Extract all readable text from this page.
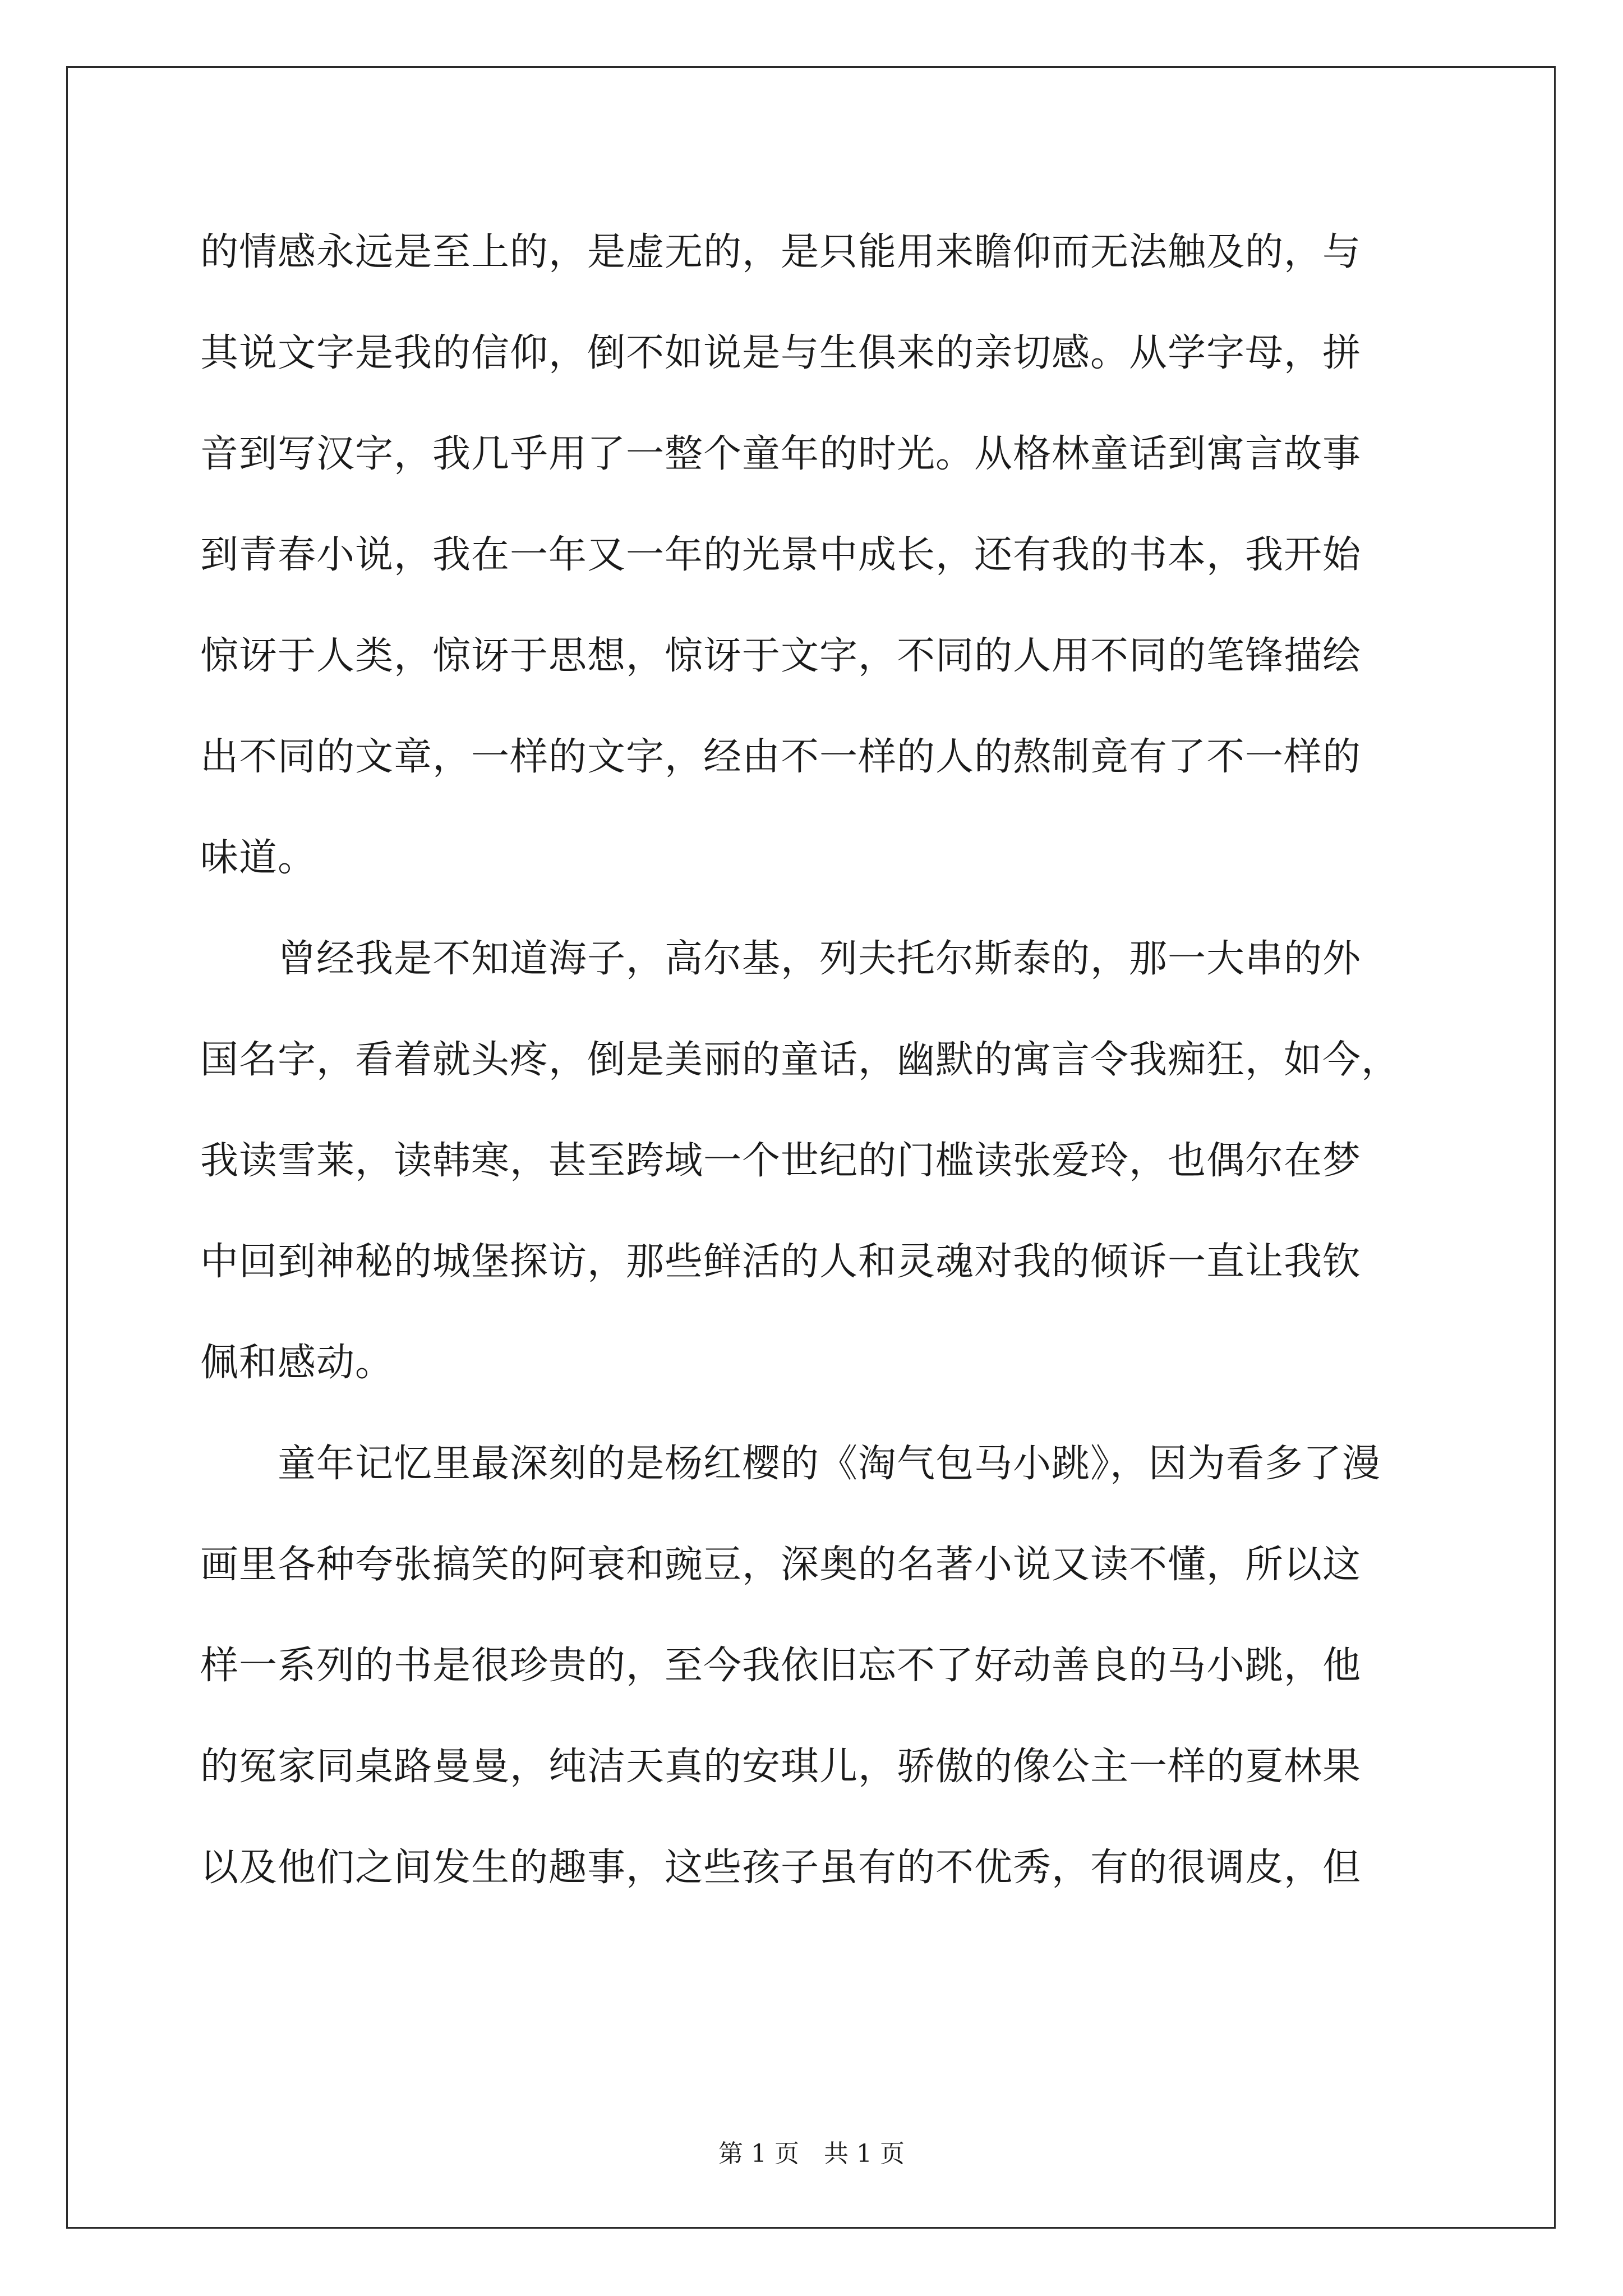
的情感永远是至上的，是虚无的，是只能用来瞻仰而无法触及的，与
其说文字是我的信仰，倒不如说是与生俱来的亲切感。从学字母，拼
音到写汉字，我几乎用了一整个童年的时光。从格林童话到寓言故事
到青春小说，我在一年又一年的光景中成长，还有我的书本，我开始
惊讶于人类，惊讶于思想，惊讶于文字，不同的人用不同的笔锋描绘
出不同的文章，一样的文字，经由不一样的人的熬制竟有了不一样的
味道。
　　曾经我是不知道海子，高尔基，列夫托尔斯泰的，那一大串的外
国名字，看着就头疼，倒是美丽的童话，幽默的寓言令我痴狂，如今，
我读雪莱，读韩寒，甚至跨域一个世纪的门槛读张爱玲，也偶尔在梦
中回到神秘的城堡探访，那些鲜活的人和灵魂对我的倾诉一直让我钦
佩和感动。
　　童年记忆里最深刻的是杨红樱的《淘气包马小跳》，因为看多了漫
画里各种夸张搞笑的阿衰和豌豆，深奥的名著小说又读不懂，所以这
样一系列的书是很珍贵的，至今我依旧忘不了好动善良的马小跳，他
的冤家同桌路曼曼，纯洁天真的安琪儿，骄傲的像公主一样的夏林果
以及他们之间发生的趣事，这些孩子虽有的不优秀，有的很调皮，但
第 1 页　共 1 页
